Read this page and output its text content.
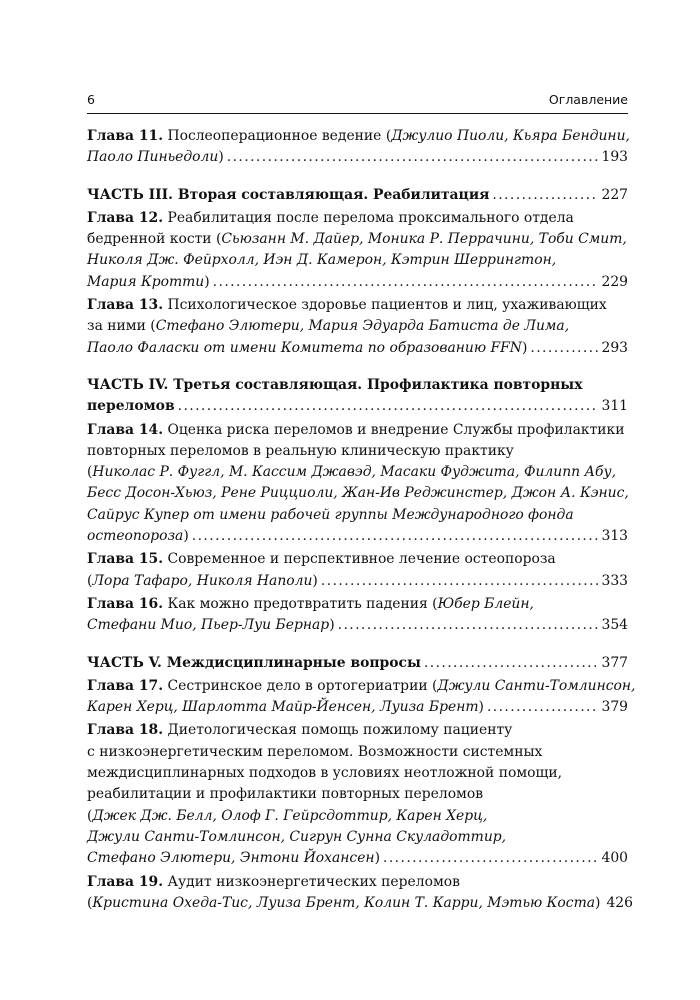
6	Оглавление
Глава 11. Послеоперационное ведение (Джулио Пиоли, Кьяра Бендини,
Паоло Пиньедоли) . . .	193
ЧАСТЬ III. Вторая составляющая. Реабилитация . . .	227
Глава 12. Реабилитация после перелома проксимального отдела
бедренной кости (Сьюзанн М. Дайер, Моника Р. Перрачини, Тоби Смит,
Николя Дж. Фейрхолл, Иэн Д. Камерон, Кэтрин Шеррингтон,
Мария Кротти) . . .	229
Глава 13. Психологическое здоровье пациентов и лиц, ухаживающих
за ними (Стефано Элютери, Мария Эдуарда Батиста де Лима,
Паоло Фаласки от имени Комитета по образованию FFN) . . .	293
ЧАСТЬ IV. Третья составляющая. Профилактика повторных
переломов . . .	311
Глава 14. Оценка риска переломов и внедрение Службы профилактики
повторных переломов в реальную клиническую практику
(Николас Р. Фуггл, М. Кассим Джавэд, Масаки Фуджита, Филипп Абу,
Бесс Досон-Хьюз, Рене Рицциоли, Жан-Ив Реджинстер, Джон А. Кэнис,
Сайрус Купер от имени рабочей группы Международного фонда
остеопороза) . . .	313
Глава 15. Современное и перспективное лечение остеопороза
(Лора Тафаро, Николя Наполи) . . .	333
Глава 16. Как можно предотвратить падения (Юбер Блейн,
Стефани Мио, Пьер-Луи Бернар) . . .	354
ЧАСТЬ V. Междисциплинарные вопросы . . .	377
Глава 17. Сестринское дело в ортогериатрии (Джули Санти-Томлинсон,
Карен Херц, Шарлотта Майр-Йенсен, Луиза Брент) . . .	379
Глава 18. Диетологическая помощь пожилому пациенту
с низкоэнергетическим переломом. Возможности системных
междисциплинарных подходов в условиях неотложной помощи,
реабилитации и профилактики повторных переломов
(Джек Дж. Белл, Олоф Г. Гейрсдоттир, Карен Херц,
Джули Санти-Томлинсон, Сигрун Сунна Скуладоттир,
Стефано Элютери, Энтони Йохансен) . . .	400
Глава 19. Аудит низкоэнергетических переломов
(Кристина Охеда-Тис, Луиза Брент, Колин Т. Карри, Мэтью Коста) 426
